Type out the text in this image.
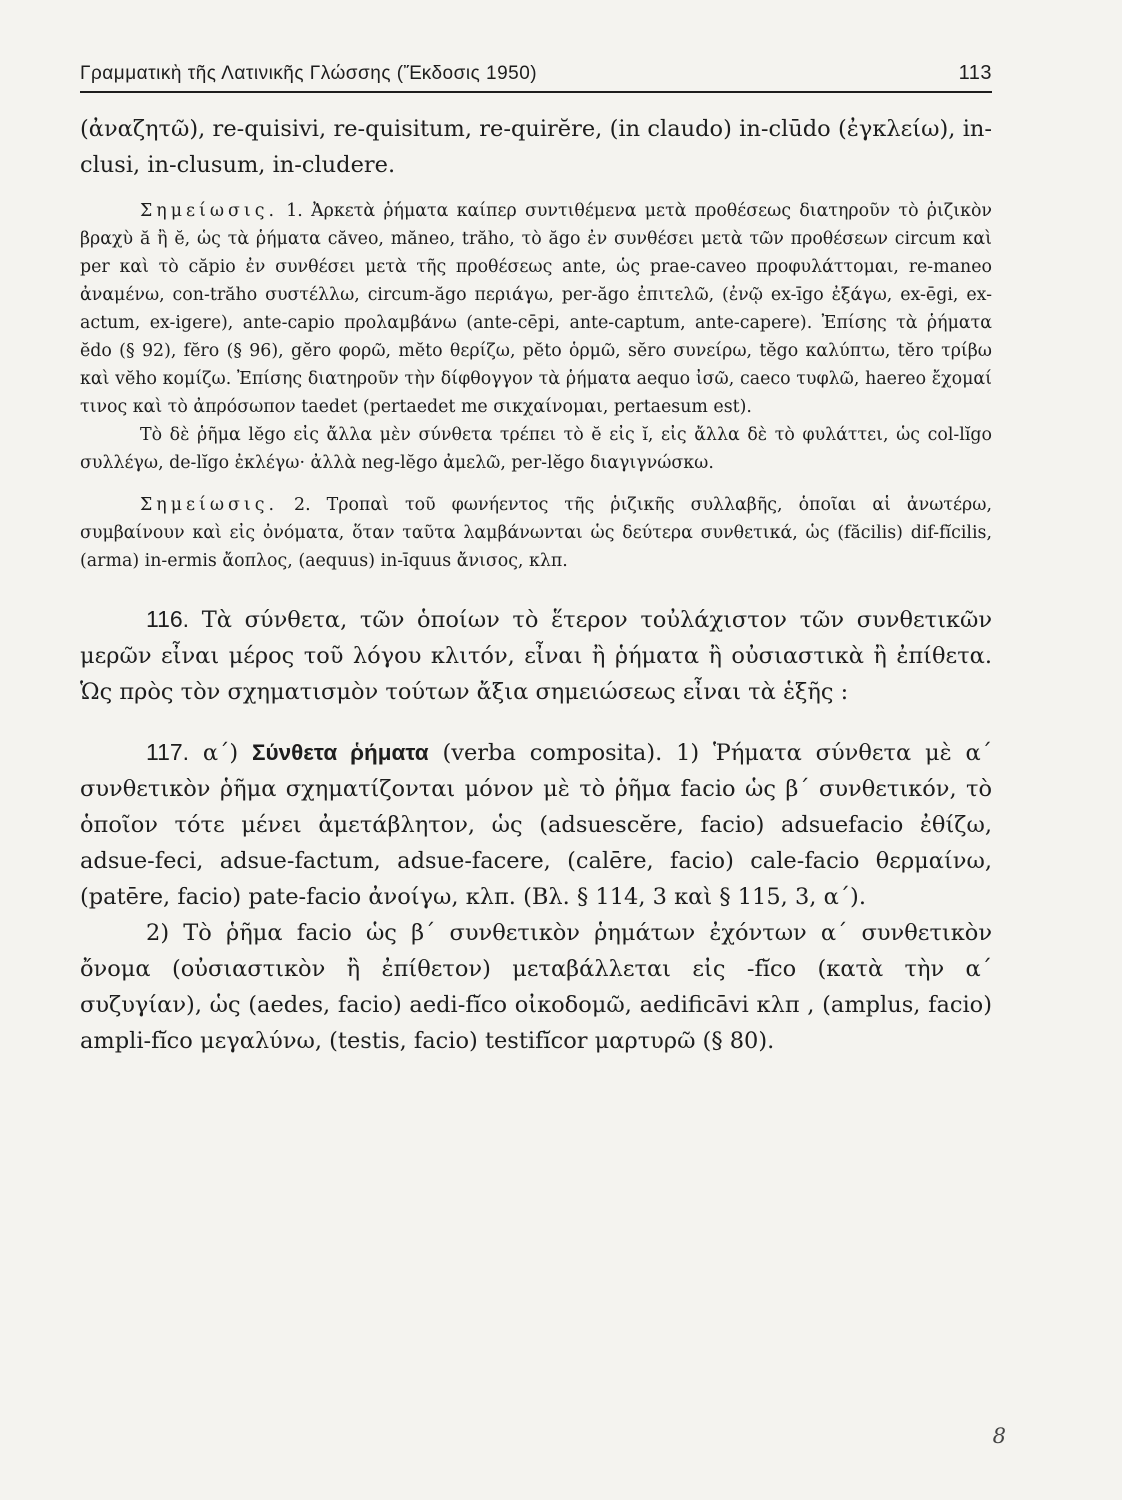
Γραμματικὴ τῆς Λατινικῆς Γλώσσης (Ἔκδοσις 1950)	113

(ἀναζητῶ), re-quisivi, re-quisitum, re-quirĕre, (in claudo) in-clūdo (ἐγκλείω), in-clusi, in-clusum, in-cludere.

Σημείωσις. 1. Ἀρκετὰ ῥήματα καίπερ συντιθέμενα μετὰ προθέσεως διατηροῦν τὸ ῥιζικὸν βραχὺ ă ἢ ĕ, ὡς τὰ ῥήματα căveo, măneo, trăho, τὸ ăgo ἐν συνθέσει μετὰ τῶν προθέσεων circum καὶ per καὶ τὸ căpio ἐν συνθέσει μετὰ τῆς προθέσεως ante, ὡς prae-caveo προφυλάττομαι, re-maneo ἀναμένω, con-trăho συστέλλω, circum-ăgo περιάγω, per-ăgo ἐπιτελῶ, (ἐνῷ ex-īgo ἐξάγω, ex-ēgi, ex-actum, ex-igere), ante-capio προλαμβάνω (ante-cēpi, ante-captum, ante-capere). Ἐπίσης τὰ ῥήματα ĕdo (§ 92), fĕro (§ 96), gĕro φορῶ, mĕto θερίζω, pĕto ὁρμῶ, sĕro συνείρω, tĕgo καλύπτω, tĕro τρίβω καὶ vĕho κομίζω. Ἐπίσης διατηροῦν τὴν δίφθογγον τὰ ῥήματα aequo ἰσῶ, caeco τυφλῶ, haereo ἔχομαί τινος καὶ τὸ ἀπρόσωπον taedet (pertaedet me σικχαίνομαι, pertaesum est).

Τὸ δὲ ῥῆμα lĕgo εἰς ἄλλα μὲν σύνθετα τρέπει τὸ ĕ εἰς ĭ, εἰς ἄλλα δὲ τὸ φυλάττει, ὡς col-lĭgo συλλέγω, de-lĭgo ἐκλέγω· ἀλλὰ neg-lĕgo ἀμελῶ, per-lĕgo διαγιγνώσκω.

Σημείωσις. 2. Τροπαὶ τοῦ φωνήεντος τῆς ῥιζικῆς συλλαβῆς, ὁποῖαι αἱ ἀνωτέρω, συμβαίνουν καὶ εἰς ὀνόματα, ὅταν ταῦτα λαμβάνωνται ὡς δεύτερα συνθετικά, ὡς (făcilis) dif-fĭcilis, (arma) in-ermis ἄοπλος, (aequus) in-īquus ἄνισος, κλπ.

116. Τὰ σύνθετα, τῶν ὁποίων τὸ ἕτερον τοὐλάχιστον τῶν συνθετικῶν μερῶν εἶναι μέρος τοῦ λόγου κλιτόν, εἶναι ἢ ῥήματα ἢ οὐσιαστικὰ ἢ ἐπίθετα. Ὡς πρὸς τὸν σχηματισμὸν τούτων ἄξια σημειώσεως εἶναι τὰ ἑξῆς :

117. α΄) Σύνθετα ῥήματα (verba composita). 1) Ῥήματα σύνθετα μὲ α΄ συνθετικὸν ῥῆμα σχηματίζονται μόνον μὲ τὸ ῥῆμα facio ὡς β΄ συνθετικόν, τὸ ὁποῖον τότε μένει ἀμετάβλητον, ὡς (adsuescĕre, facio) adsuefacio ἐθίζω, adsue-feci, adsue-factum, adsue-facere, (calēre, facio) cale-facio θερμαίνω, (patēre, facio) pate-facio ἀνοίγω, κλπ. (Βλ. § 114, 3 καὶ § 115, 3, α΄).

2) Τὸ ῥῆμα facio ὡς β΄ συνθετικὸν ῥημάτων ἐχόντων α΄ συνθετικὸν ὄνομα (οὐσιαστικὸν ἢ ἐπίθετον) μεταβάλλεται εἰς -fĭco (κατὰ τὴν α΄ συζυγίαν), ὡς (aedes, facio) aedi-fĭco οἰκοδομῶ, aedificāvi κλπ , (amplus, facio) ampli-fĭco μεγαλύνω, (testis, facio) testifĭcor μαρτυρῶ (§ 80).

8
